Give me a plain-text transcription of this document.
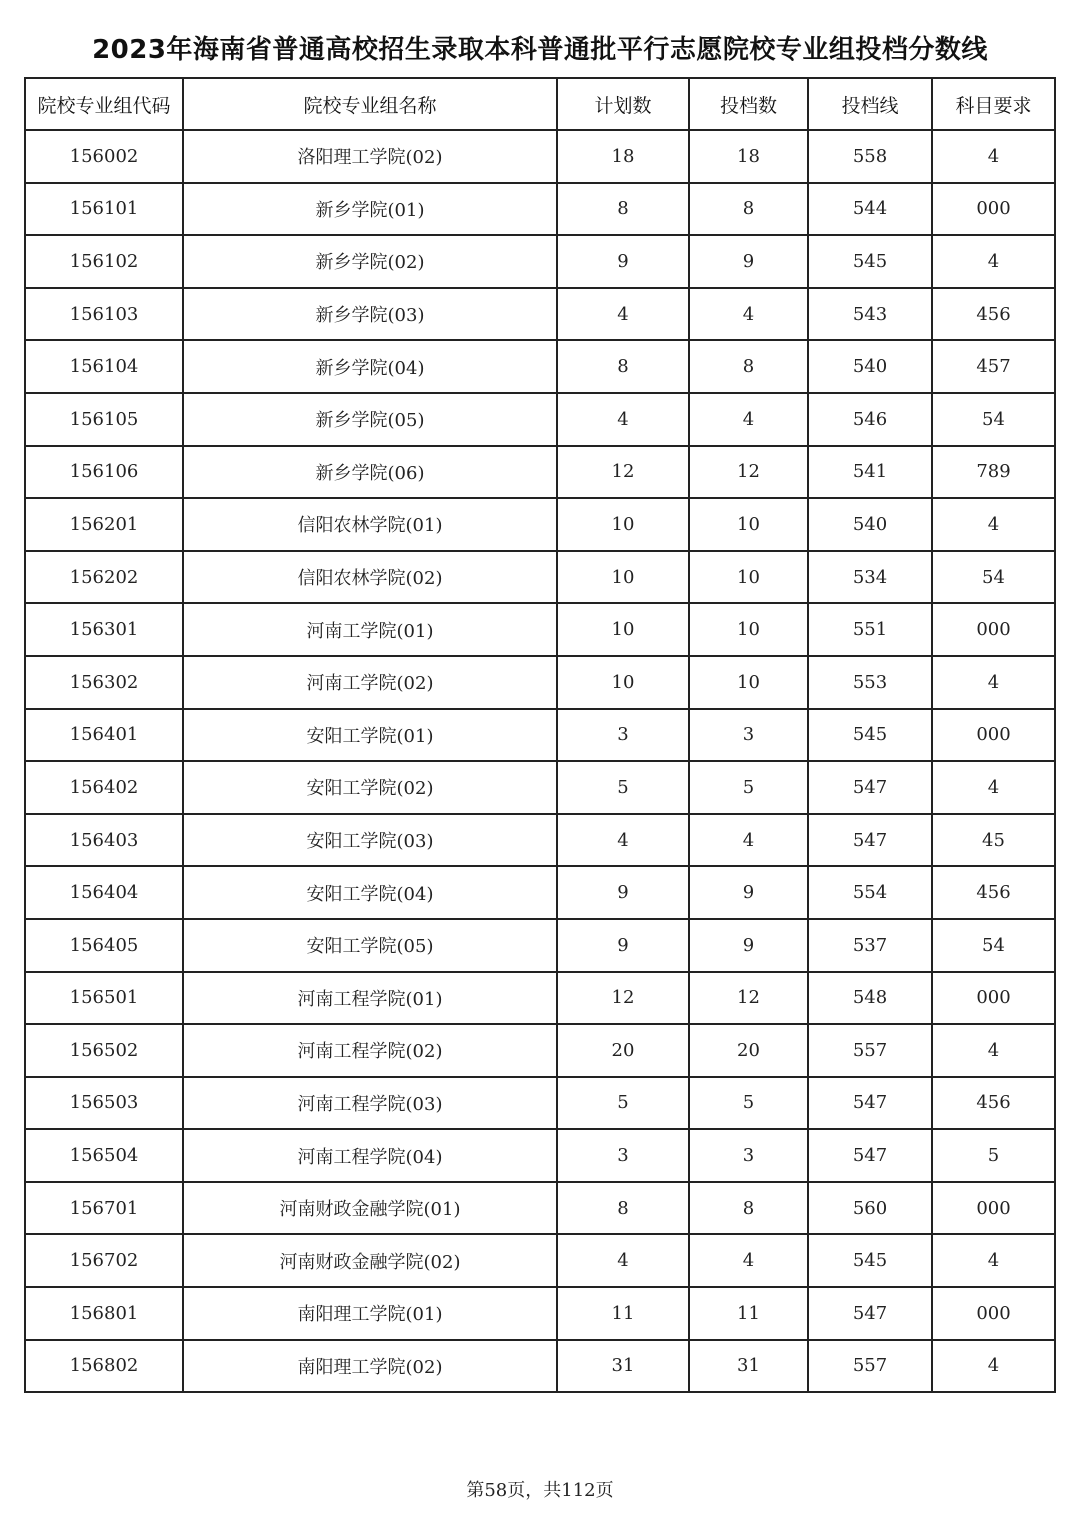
2023年海南省普通高校招生录取本科普通批平行志愿院校专业组投档分数线
院校专业组代码	院校专业组名称	计划数	投档数	投档线	科目要求
156002	洛阳理工学院(02)	18	18	558	4
156101	新乡学院(01)	8	8	544	000
156102	新乡学院(02)	9	9	545	4
156103	新乡学院(03)	4	4	543	456
156104	新乡学院(04)	8	8	540	457
156105	新乡学院(05)	4	4	546	54
156106	新乡学院(06)	12	12	541	789
156201	信阳农林学院(01)	10	10	540	4
156202	信阳农林学院(02)	10	10	534	54
156301	河南工学院(01)	10	10	551	000
156302	河南工学院(02)	10	10	553	4
156401	安阳工学院(01)	3	3	545	000
156402	安阳工学院(02)	5	5	547	4
156403	安阳工学院(03)	4	4	547	45
156404	安阳工学院(04)	9	9	554	456
156405	安阳工学院(05)	9	9	537	54
156501	河南工程学院(01)	12	12	548	000
156502	河南工程学院(02)	20	20	557	4
156503	河南工程学院(03)	5	5	547	456
156504	河南工程学院(04)	3	3	547	5
156701	河南财政金融学院(01)	8	8	560	000
156702	河南财政金融学院(02)	4	4	545	4
156801	南阳理工学院(01)	11	11	547	000
156802	南阳理工学院(02)	31	31	557	4
第58页，共112页
